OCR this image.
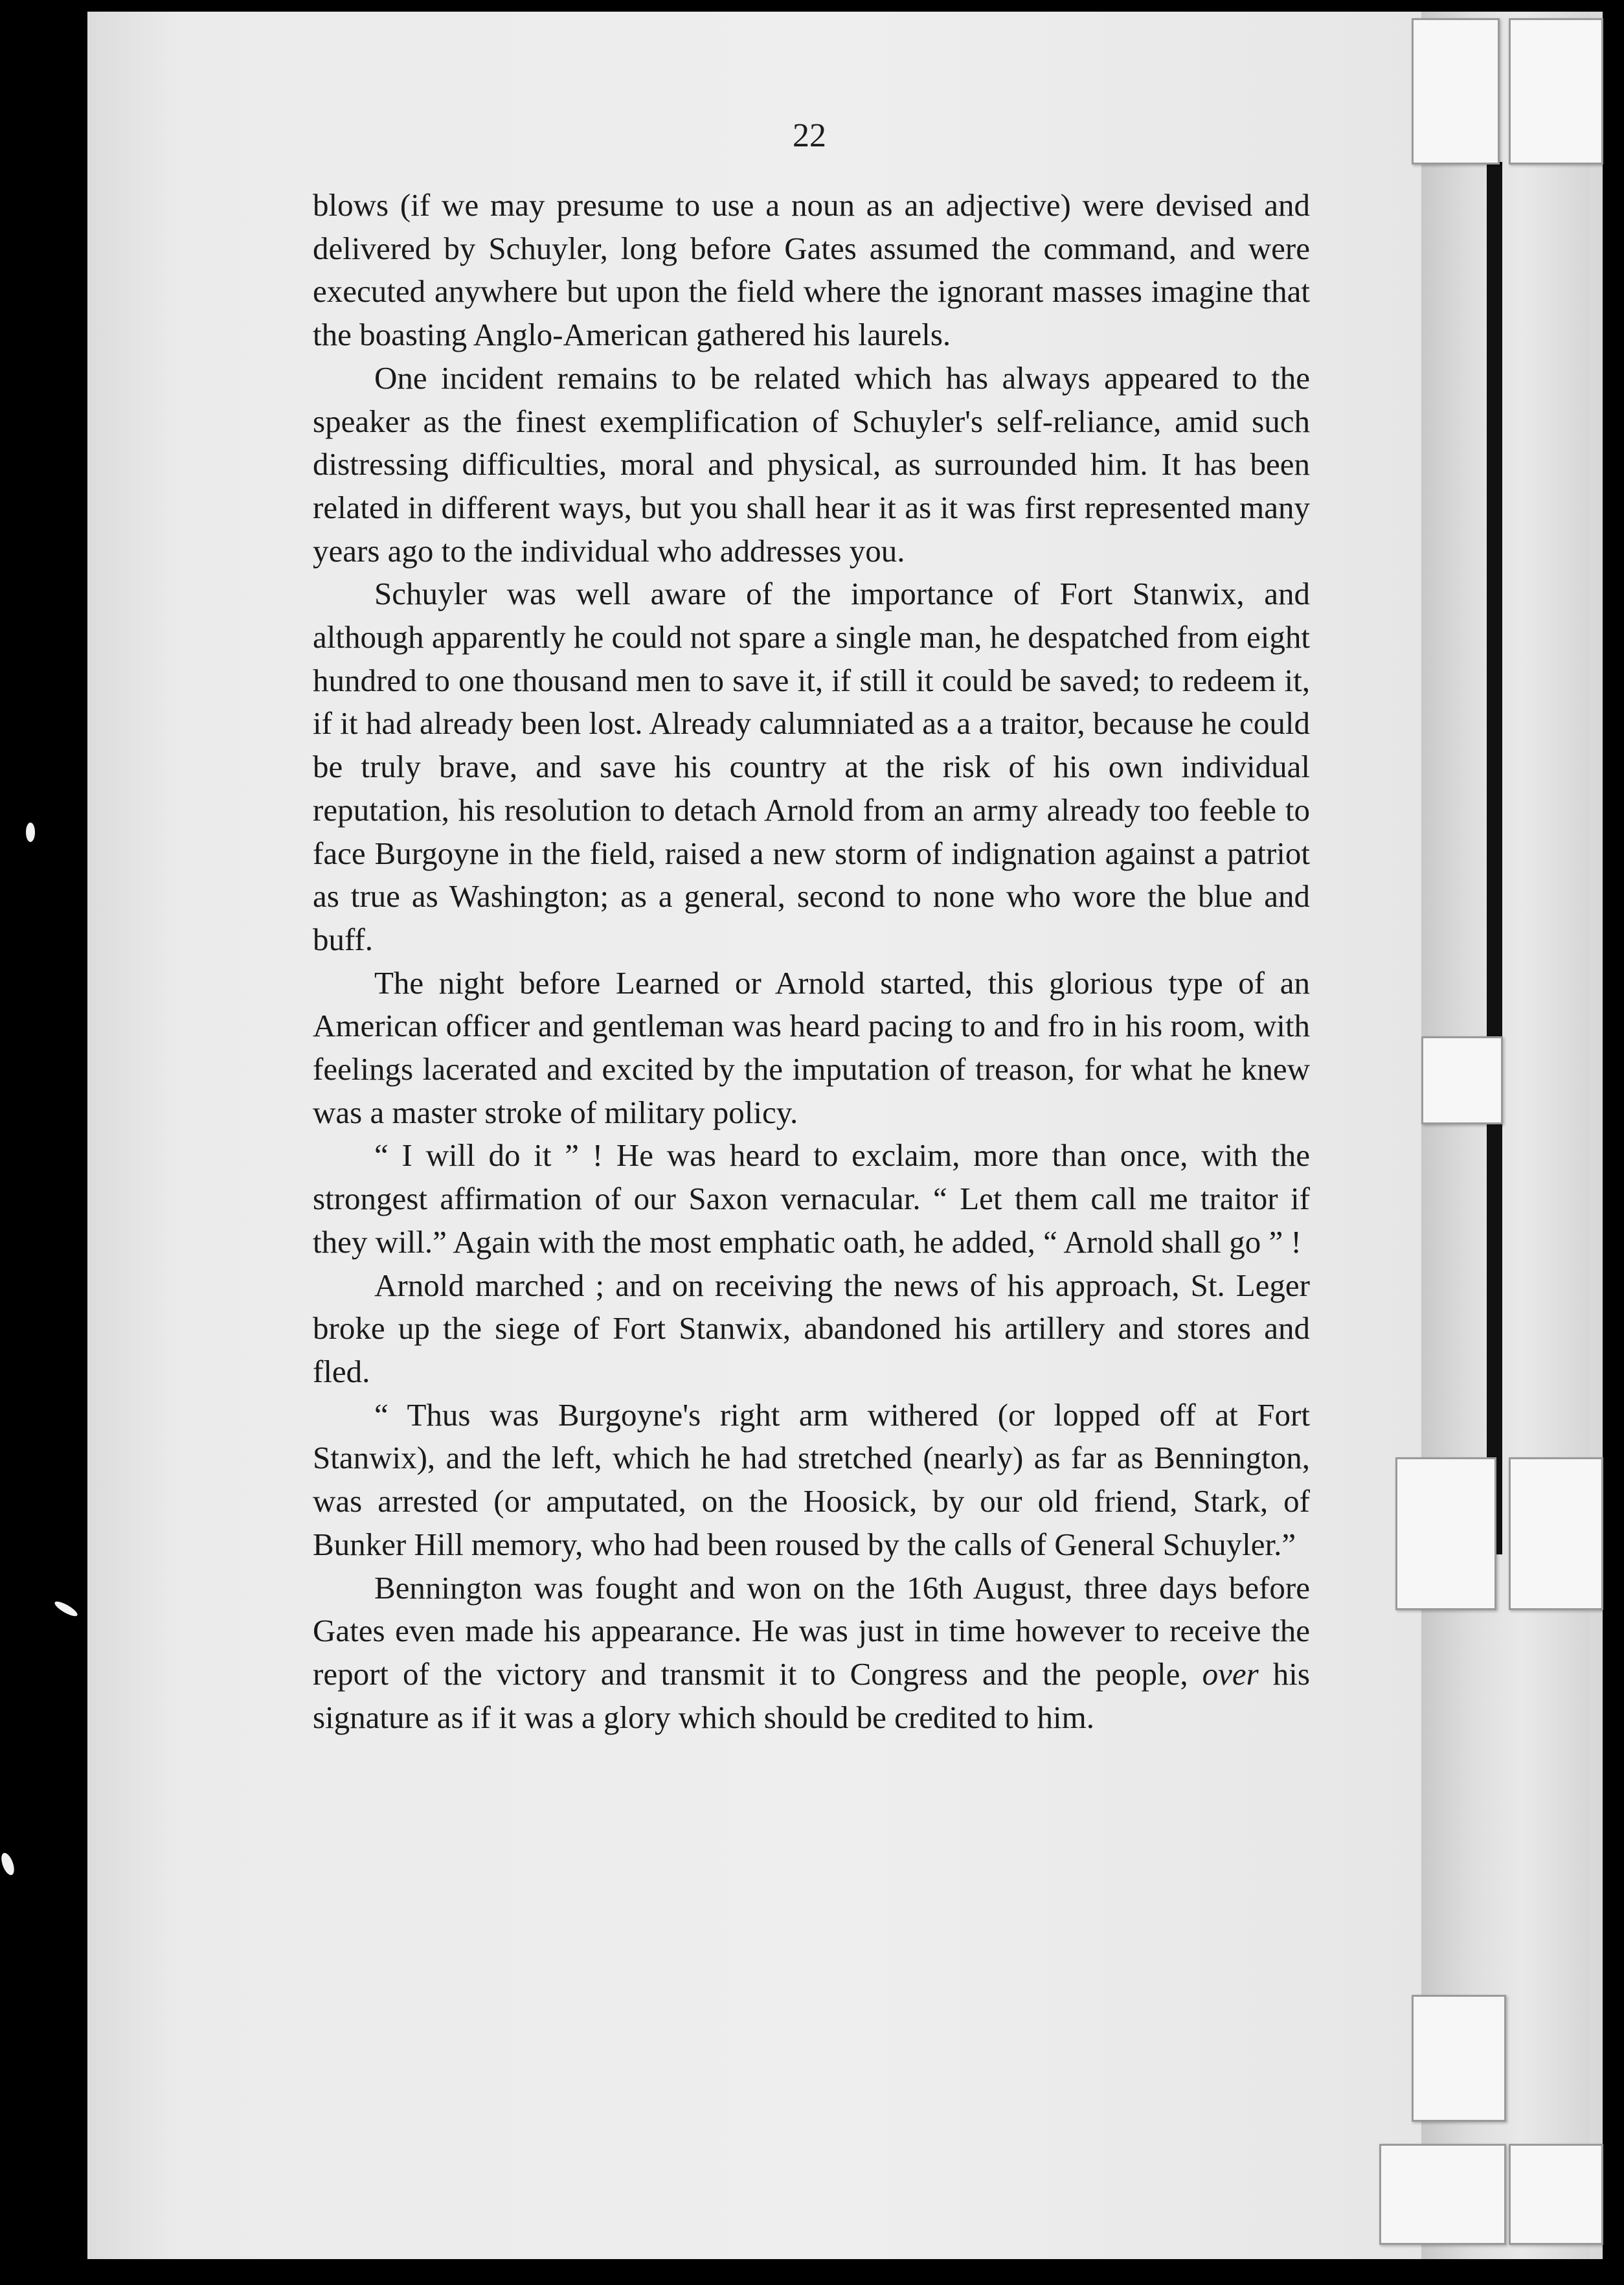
22

blows (if we may presume to use a noun as an adjective) were devised and delivered by Schuyler, long before Gates assumed the command, and were executed anywhere but upon the field where the ignorant masses imagine that the boasting Anglo-American gathered his laurels.

One incident remains to be related which has always appeared to the speaker as the finest exemplification of Schuyler's self-reliance, amid such distressing difficulties, moral and physical, as surrounded him. It has been related in different ways, but you shall hear it as it was first represented many years ago to the individual who addresses you.

Schuyler was well aware of the importance of Fort Stanwix, and although apparently he could not spare a single man, he despatched from eight hundred to one thousand men to save it, if still it could be saved; to redeem it, if it had already been lost. Already calumniated as a a traitor, because he could be truly brave, and save his country at the risk of his own individual reputation, his resolution to detach Arnold from an army already too feeble to face Burgoyne in the field, raised a new storm of indignation against a patriot as true as Washington; as a general, second to none who wore the blue and buff.

The night before Learned or Arnold started, this glorious type of an American officer and gentleman was heard pacing to and fro in his room, with feelings lacerated and excited by the imputation of treason, for what he knew was a master stroke of military policy.

“ I will do it ” ! He was heard to exclaim, more than once, with the strongest affirmation of our Saxon vernacular. “ Let them call me traitor if they will.” Again with the most emphatic oath, he added, “ Arnold shall go ” !

Arnold marched ; and on receiving the news of his approach, St. Leger broke up the siege of Fort Stanwix, abandoned his artillery and stores and fled.

“ Thus was Burgoyne's right arm withered (or lopped off at Fort Stanwix), and the left, which he had stretched (nearly) as far as Bennington, was arrested (or amputated, on the Hoosick, by our old friend, Stark, of Bunker Hill memory, who had been roused by the calls of General Schuyler.”

Bennington was fought and won on the 16th August, three days before Gates even made his appearance. He was just in time however to receive the report of the victory and transmit it to Congress and the people, over his signature as if it was a glory which should be credited to him.
